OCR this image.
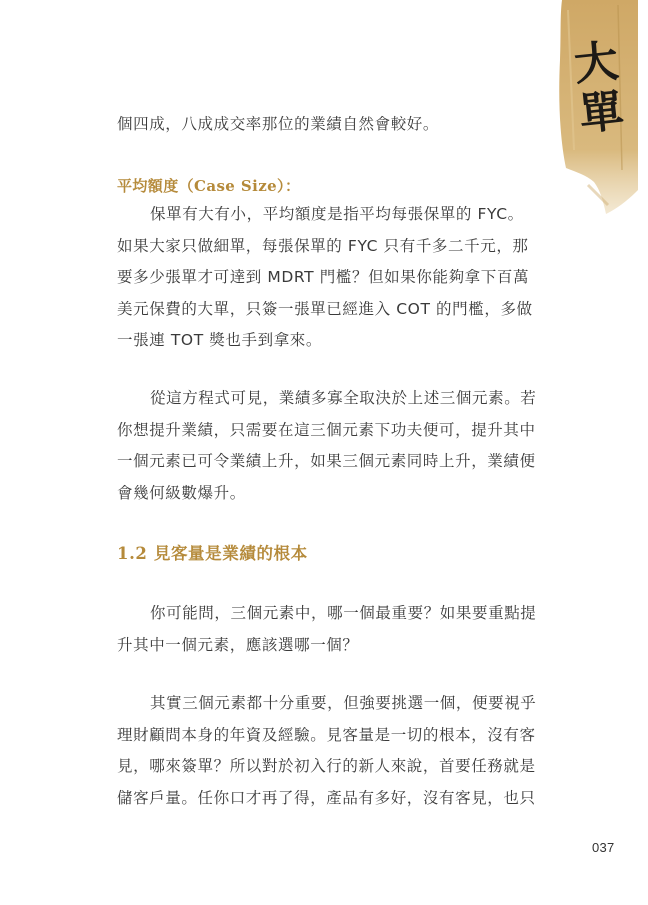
大單
個四成，八成成交率那位的業績自然會較好。
平均額度（Case Size）：
保單有大有小，平均額度是指平均每張保單的 FYC。
如果大家只做細單，每張保單的 FYC 只有千多二千元，那
要多少張單才可達到 MDRT 門檻？但如果你能夠拿下百萬
美元保費的大單，只簽一張單已經進入 COT 的門檻，多做
一張連 TOT 獎也手到拿來。
從這方程式可見，業績多寡全取決於上述三個元素。若
你想提升業績，只需要在這三個元素下功夫便可，提升其中
一個元素已可令業績上升，如果三個元素同時上升，業績便
會幾何級數爆升。
1.2 見客量是業績的根本
你可能問，三個元素中，哪一個最重要？如果要重點提
升其中一個元素，應該選哪一個？
其實三個元素都十分重要，但強要挑選一個，便要視乎
理財顧問本身的年資及經驗。見客量是一切的根本，沒有客
見，哪來簽單？所以對於初入行的新人來說，首要任務就是
儲客戶量。任你口才再了得，產品有多好，沒有客見，也只
037
